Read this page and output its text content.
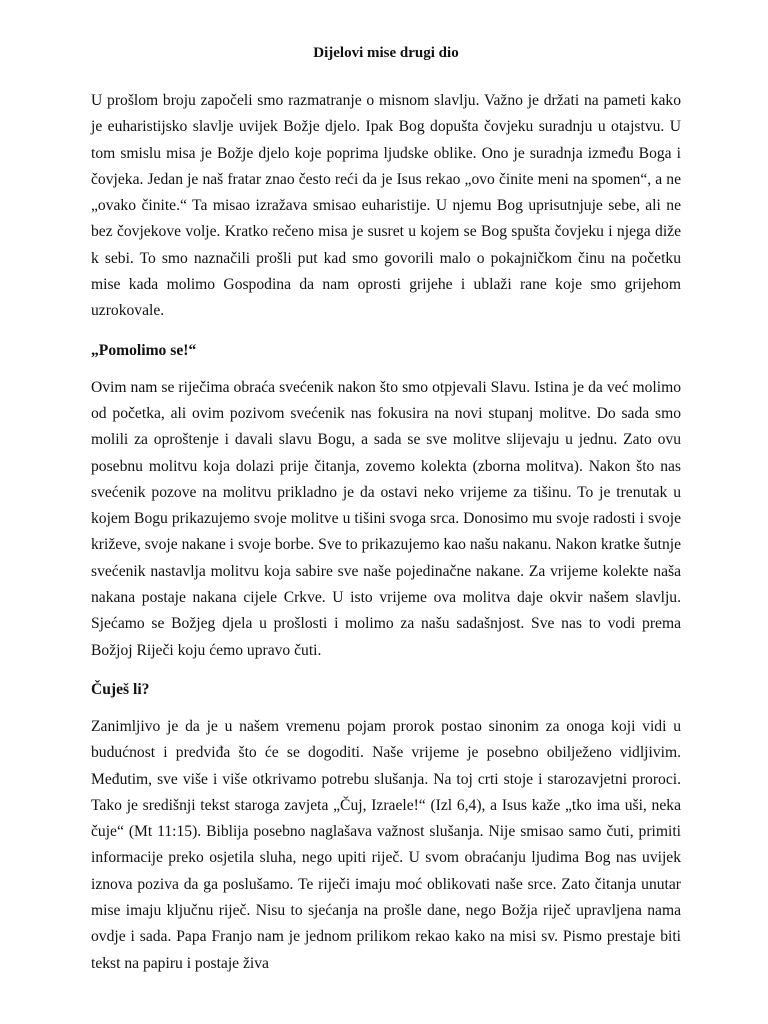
Dijelovi mise drugi dio

U prošlom broju započeli smo razmatranje o misnom slavlju. Važno je držati na pameti kako je euharistijsko slavlje uvijek Božje djelo. Ipak Bog dopušta čovjeku suradnju u otajstvu. U tom smislu misa je Božje djelo koje poprima ljudske oblike. Ono je suradnja između Boga i čovjeka. Jedan je naš fratar znao često reći da je Isus rekao „ovo činite meni na spomen“, a ne „ovako činite.“ Ta misao izražava smisao euharistije. U njemu Bog uprisutnjuje sebe, ali ne bez čovjekove volje. Kratko rečeno misa je susret u kojem se Bog spušta čovjeku i njega diže k sebi. To smo naznačili prošli put kad smo govorili malo o pokajničkom činu na početku mise kada molimo Gospodina da nam oprosti grijehe i ublaži rane koje smo grijehom uzrokovale.

„Pomolimo se!“

Ovim nam se riječima obraća svećenik nakon što smo otpjevali Slavu. Istina je da već molimo od početka, ali ovim pozivom svećenik nas fokusira na novi stupanj molitve. Do sada smo molili za oproštenje i davali slavu Bogu, a sada se sve molitve slijevaju u jednu. Zato ovu posebnu molitvu koja dolazi prije čitanja, zovemo kolekta (zborna molitva). Nakon što nas svećenik pozove na molitvu prikladno je da ostavi neko vrijeme za tišinu. To je trenutak u kojem Bogu prikazujemo svoje molitve u tišini svoga srca. Donosimo mu svoje radosti i svoje križeve, svoje nakane i svoje borbe. Sve to prikazujemo kao našu nakanu. Nakon kratke šutnje svećenik nastavlja molitvu koja sabire sve naše pojedinačne nakane. Za vrijeme kolekte naša nakana postaje nakana cijele Crkve. U isto vrijeme ova molitva daje okvir našem slavlju. Sjećamo se Božjeg djela u prošlosti i molimo za našu sadašnjost. Sve nas to vodi prema Božjoj Riječi koju ćemo upravo čuti.

Čuješ li?

Zanimljivo je da je u našem vremenu pojam prorok postao sinonim za onoga koji vidi u budućnost i predviđa što će se dogoditi. Naše vrijeme je posebno obilježeno vidljivim. Međutim, sve više i više otkrivamo potrebu slušanja. Na toj crti stoje i starozavjetni proroci. Tako je središnji tekst staroga zavjeta „Čuj, Izraele!“ (Izl 6,4), a Isus kaže „tko ima uši, neka čuje“ (Mt 11:15). Biblija posebno naglašava važnost slušanja. Nije smisao samo čuti, primiti informacije preko osjetila sluha, nego upiti riječ. U svom obraćanju ljudima Bog nas uvijek iznova poziva da ga poslušamo. Te riječi imaju moć oblikovati naše srce. Zato čitanja unutar mise imaju ključnu riječ. Nisu to sjećanja na prošle dane, nego Božja riječ upravljena nama ovdje i sada. Papa Franjo nam je jednom prilikom rekao kako na misi sv. Pismo prestaje biti tekst na papiru i postaje živa
